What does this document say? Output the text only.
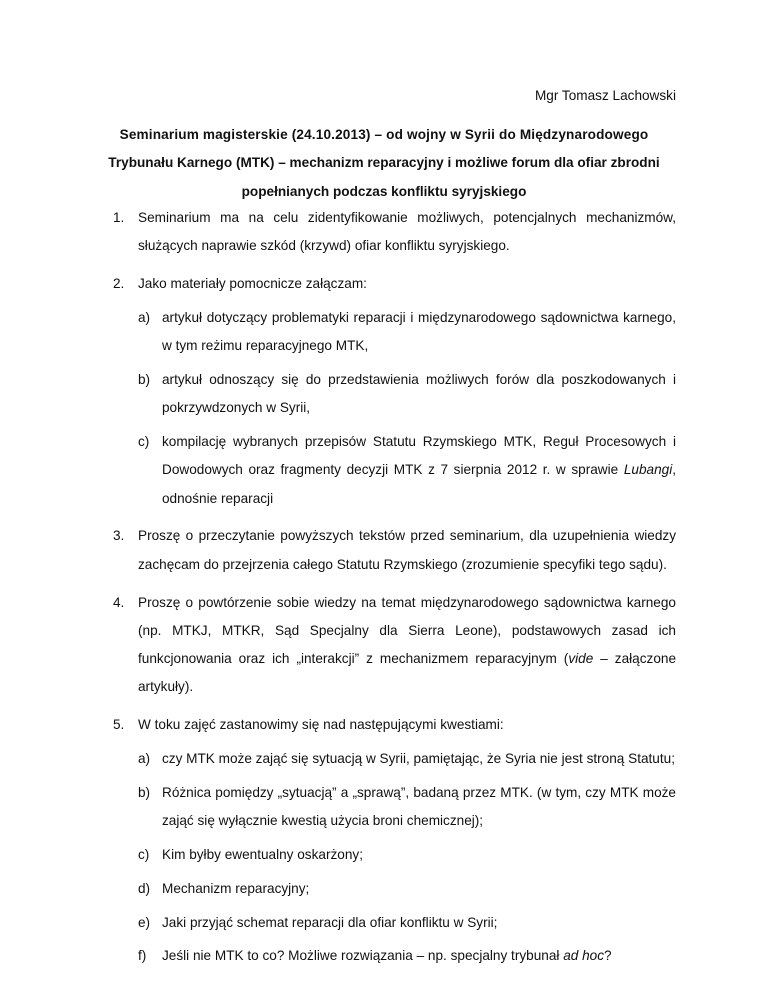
Mgr Tomasz Lachowski

Seminarium magisterskie (24.10.2013) – od wojny w Syrii do Międzynarodowego
Trybunału Karnego (MTK) – mechanizm reparacyjny i możliwe forum dla ofiar zbrodni
popełnianych podczas konfliktu syryjskiego
1. Seminarium ma na celu zidentyfikowanie możliwych, potencjalnych mechanizmów, służących naprawie szkód (krzywd) ofiar konfliktu syryjskiego.
2. Jako materiały pomocnicze załączam:
a) artykuł dotyczący problematyki reparacji i międzynarodowego sądownictwa karnego, w tym reżimu reparacyjnego MTK,
b) artykuł odnoszący się do przedstawienia możliwych forów dla poszkodowanych i pokrzywdzonych w Syrii,
c) kompilację wybranych przepisów Statutu Rzymskiego MTK, Reguł Procesowych i Dowodowych oraz fragmenty decyzji MTK z 7 sierpnia 2012 r. w sprawie Lubangi, odnośnie reparacji
3. Proszę o przeczytanie powyższych tekstów przed seminarium, dla uzupełnienia wiedzy zachęcam do przejrzenia całego Statutu Rzymskiego (zrozumienie specyfiki tego sądu).
4. Proszę o powtórzenie sobie wiedzy na temat międzynarodowego sądownictwa karnego (np. MTKJ, MTKR, Sąd Specjalny dla Sierra Leone), podstawowych zasad ich funkcjonowania oraz ich „interakcji” z mechanizmem reparacyjnym (vide – załączone artykuły).
5. W toku zajęć zastanowimy się nad następującymi kwestiami:
a) czy MTK może zająć się sytuacją w Syrii, pamiętając, że Syria nie jest stroną Statutu;
b) Różnica pomiędzy „sytuacją” a „sprawą”, badaną przez MTK. (w tym, czy MTK może zająć się wyłącznie kwestią użycia broni chemicznej);
c) Kim byłby ewentualny oskarżony;
d) Mechanizm reparacyjny;
e) Jaki przyjąć schemat reparacji dla ofiar konfliktu w Syrii;
f) Jeśli nie MTK to co? Możliwe rozwiązania – np. specjalny trybunał ad hoc?
